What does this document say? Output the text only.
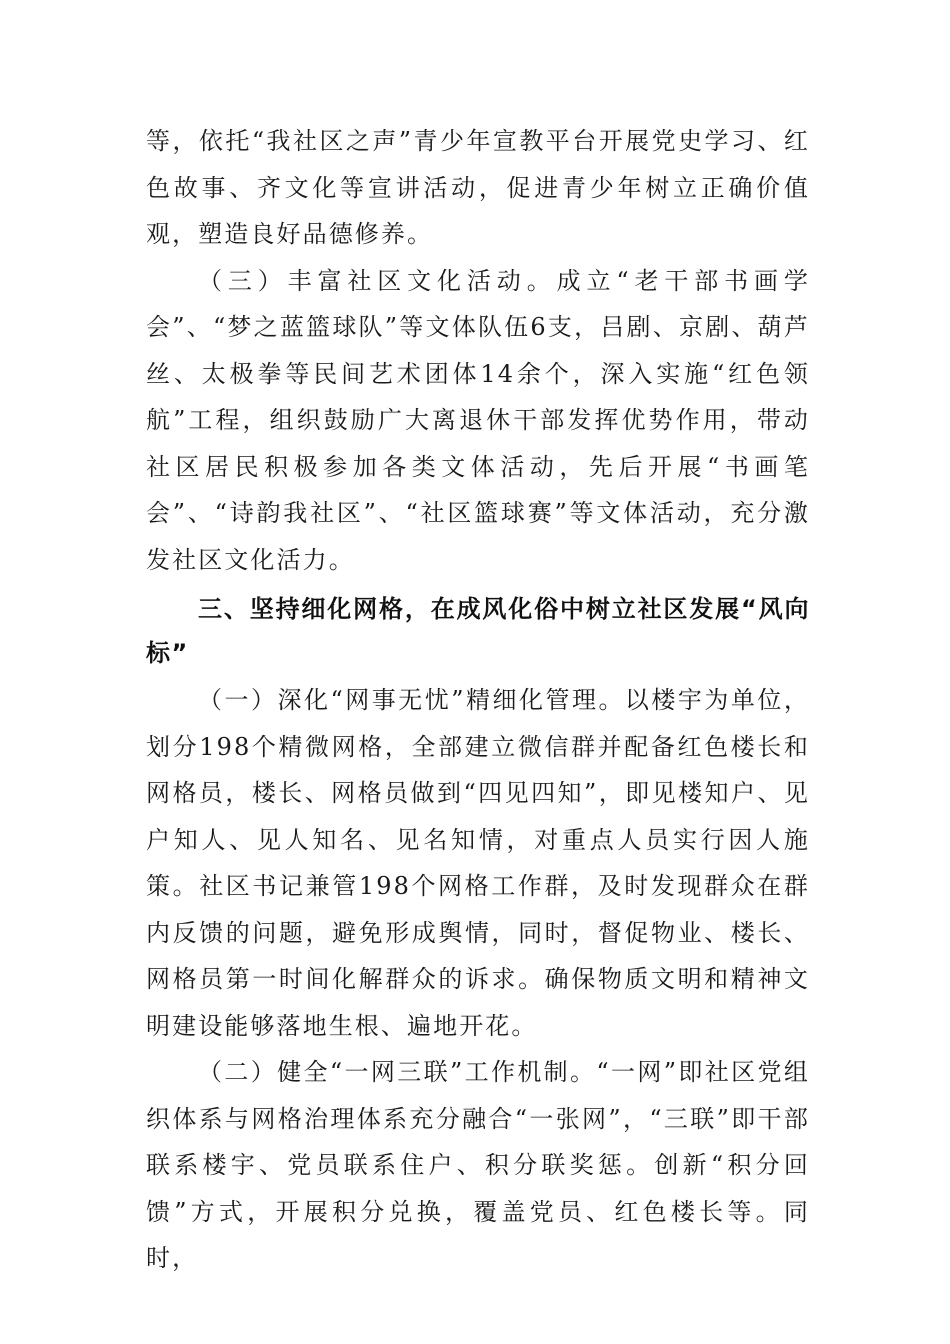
等，依托“我社区之声”青少年宣教平台开展党史学习、红色故事、齐文化等宣讲活动，促进青少年树立正确价值观，塑造良好品德修养。

（三）丰富社区文化活动。成立“老干部书画学会”、“梦之蓝篮球队”等文体队伍6支，吕剧、京剧、葫芦丝、太极拳等民间艺术团体14余个，深入实施“红色领航”工程，组织鼓励广大离退休干部发挥优势作用，带动社区居民积极参加各类文体活动，先后开展“书画笔会”、“诗韵我社区”、“社区篮球赛”等文体活动，充分激发社区文化活力。

三、坚持细化网格，在成风化俗中树立社区发展“风向标”

（一）深化“网事无忧”精细化管理。以楼宇为单位，划分198个精微网格，全部建立微信群并配备红色楼长和网格员，楼长、网格员做到“四见四知”，即见楼知户、见户知人、见人知名、见名知情，对重点人员实行因人施策。社区书记兼管198个网格工作群，及时发现群众在群内反馈的问题，避免形成舆情，同时，督促物业、楼长、网格员第一时间化解群众的诉求。确保物质文明和精神文明建设能够落地生根、遍地开花。

（二）健全“一网三联”工作机制。“一网”即社区党组织体系与网格治理体系充分融合“一张网”，“三联”即干部联系楼宇、党员联系住户、积分联奖惩。创新“积分回馈”方式，开展积分兑换，覆盖党员、红色楼长等。同时，
